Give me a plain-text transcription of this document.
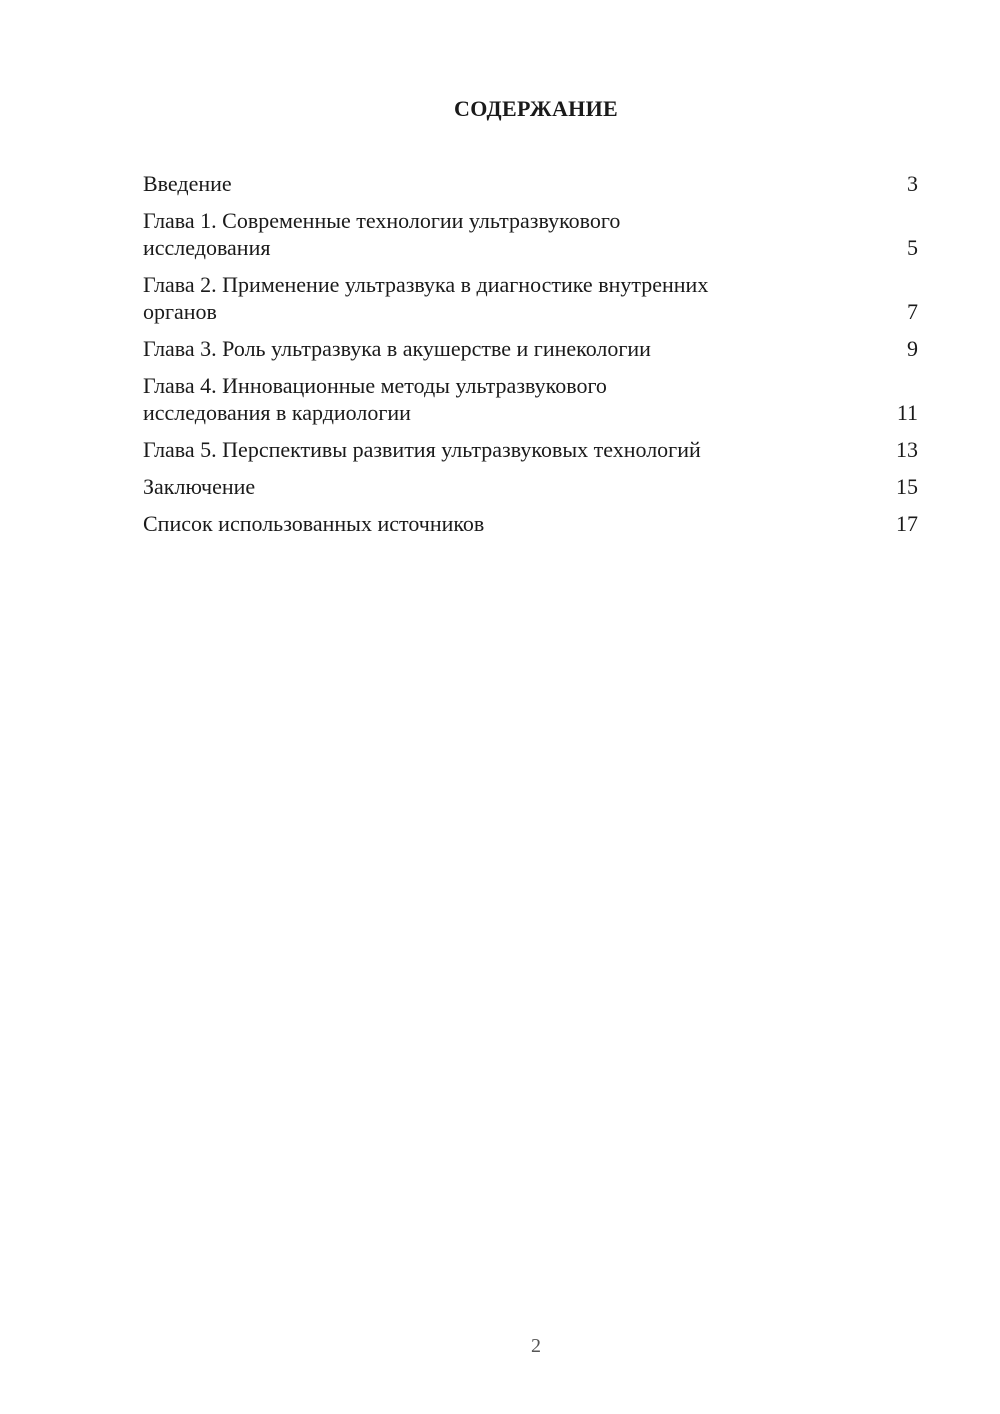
СОДЕРЖАНИЕ
Введение	3
Глава 1. Современные технологии ультразвукового
исследования	5
Глава 2. Применение ультразвука в диагностике внутренних
органов	7
Глава 3. Роль ультразвука в акушерстве и гинекологии	9
Глава 4. Инновационные методы ультразвукового
исследования в кардиологии	11
Глава 5. Перспективы развития ультразвуковых технологий	13
Заключение	15
Список использованных источников	17
2
